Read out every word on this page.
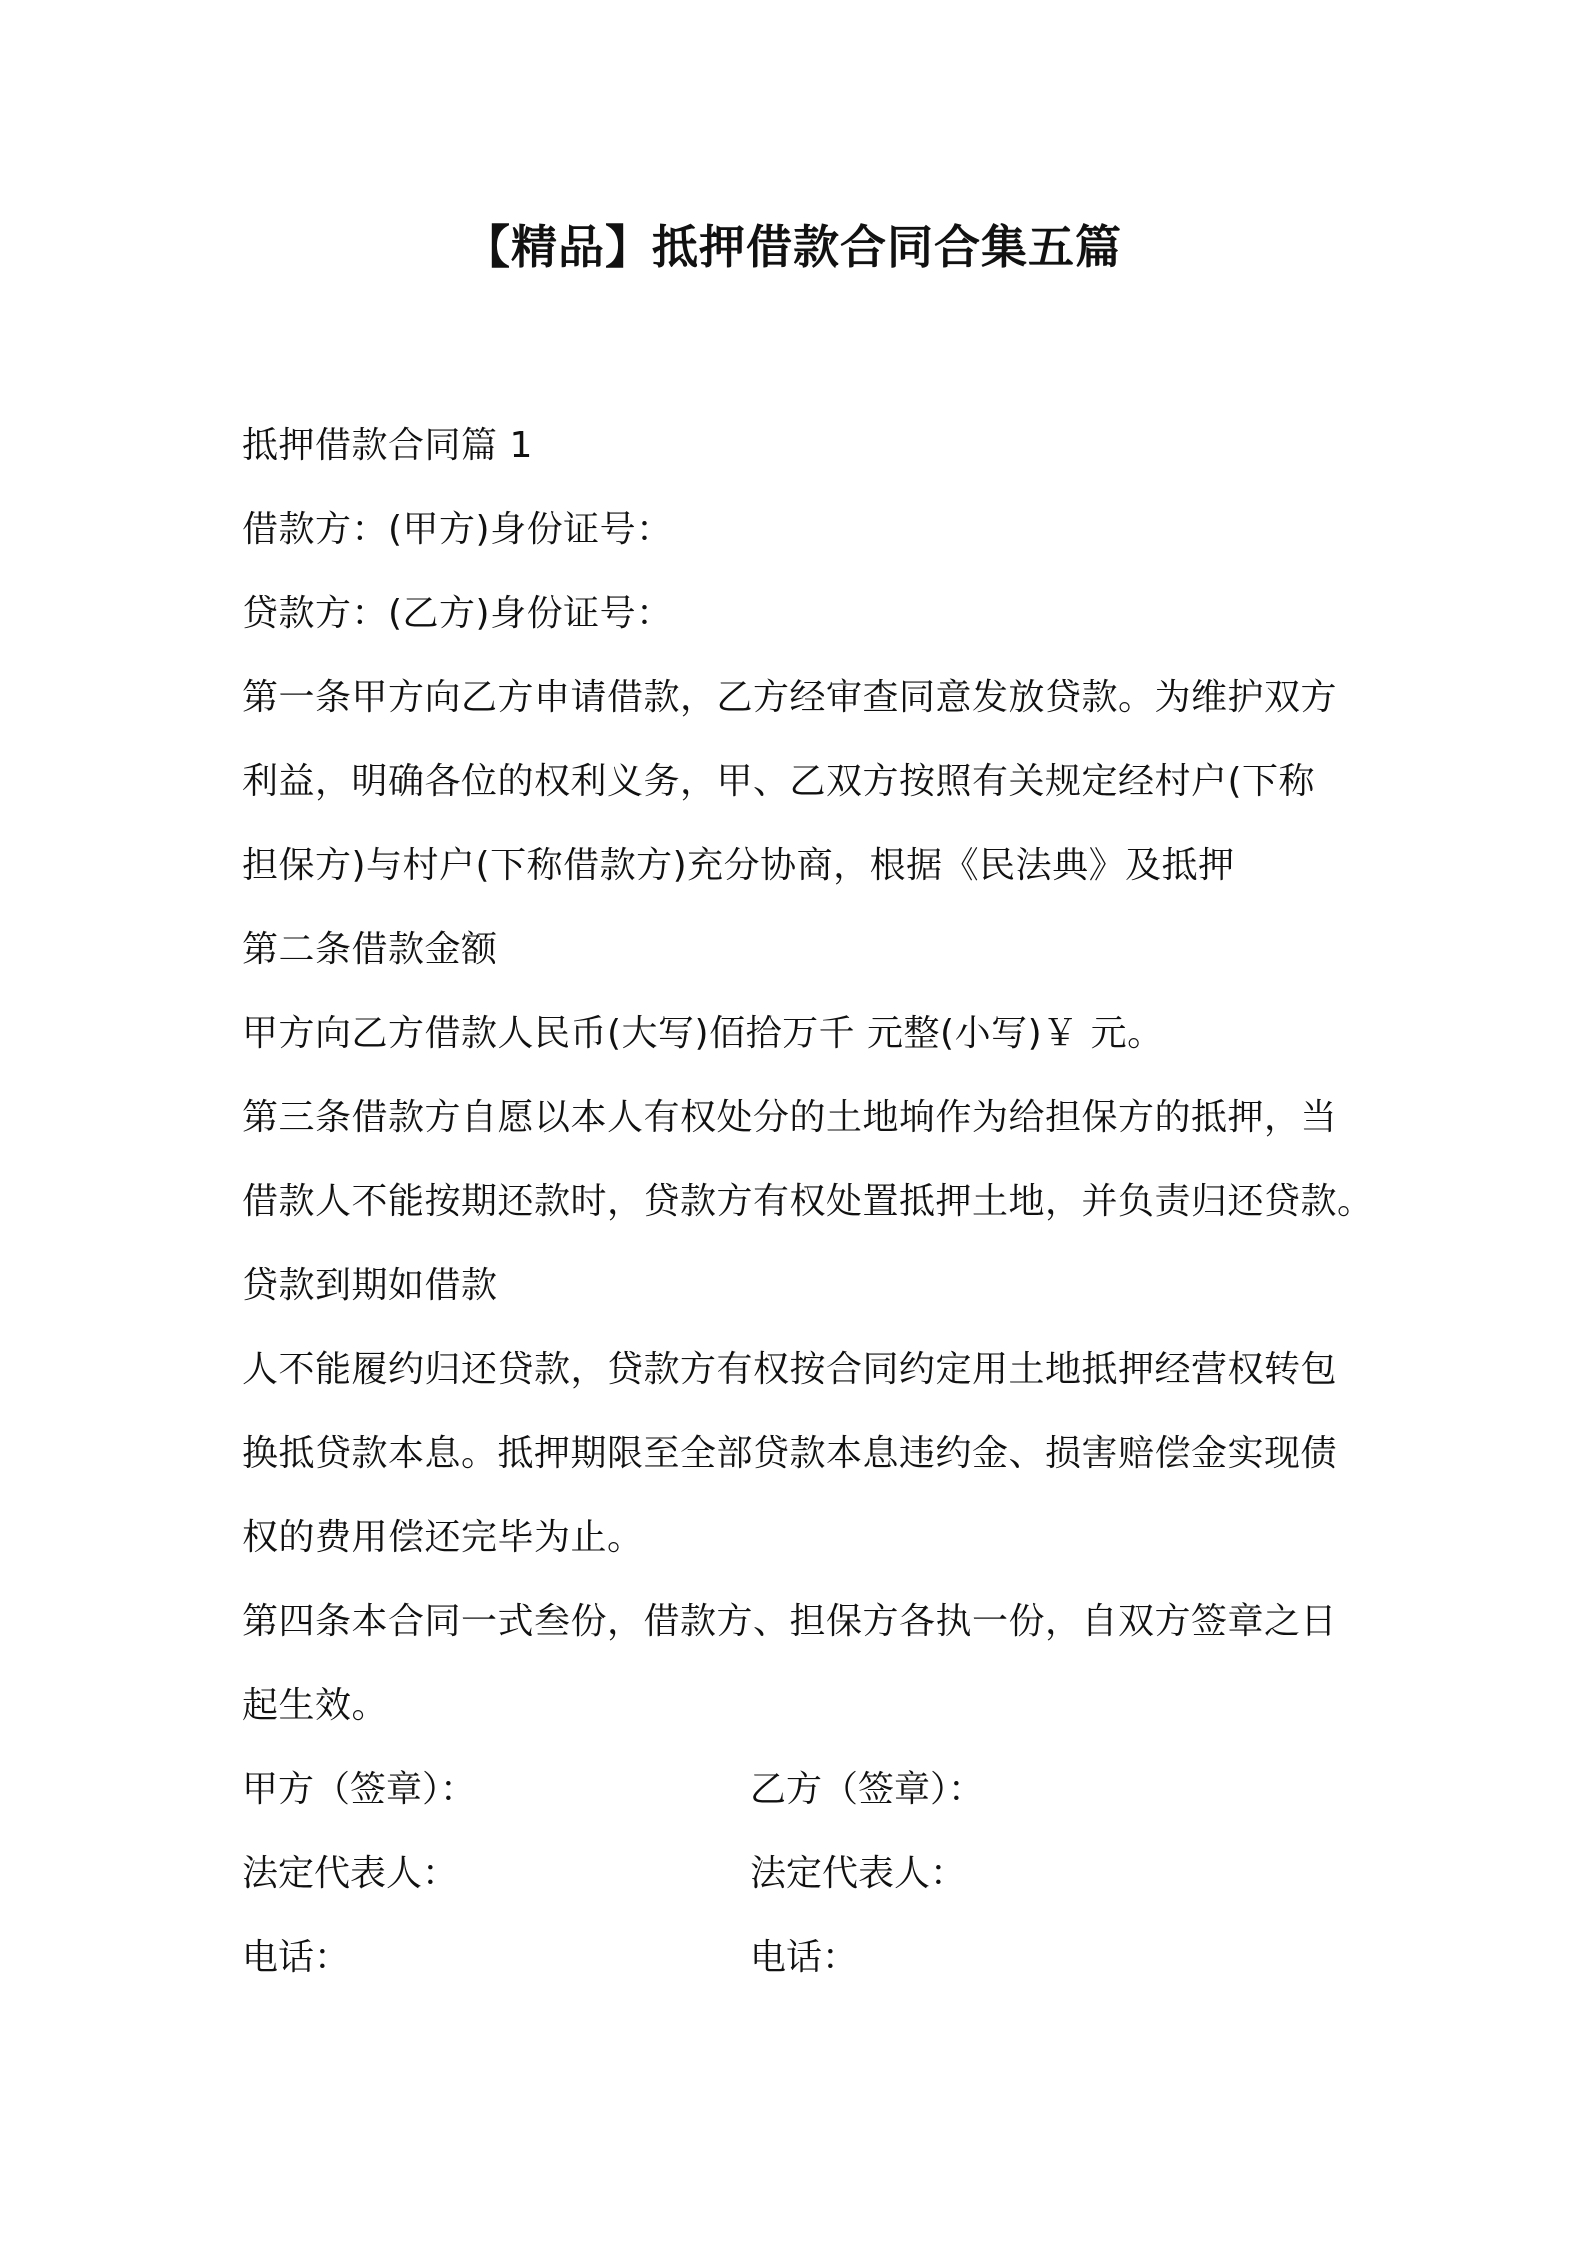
【精品】抵押借款合同合集五篇
抵押借款合同篇 1
借款方：(甲方)身份证号：
贷款方：(乙方)身份证号：
第一条甲方向乙方申请借款，乙方经审查同意发放贷款。为维护双方
利益，明确各位的权利义务，甲、乙双方按照有关规定经村户(下称
担保方)与村户(下称借款方)充分协商，根据《民法典》及抵押
第二条借款金额
甲方向乙方借款人民币(大写)佰拾万千 元整(小写)￥ 元。
第三条借款方自愿以本人有权处分的土地垧作为给担保方的抵押，当
借款人不能按期还款时，贷款方有权处置抵押土地，并负责归还贷款。
贷款到期如借款
人不能履约归还贷款，贷款方有权按合同约定用土地抵押经营权转包
换抵贷款本息。抵押期限至全部贷款本息违约金、损害赔偿金实现债
权的费用偿还完毕为止。
第四条本合同一式叁份，借款方、担保方各执一份，自双方签章之日
起生效。
甲方（签章）：	乙方（签章）：
法定代表人：	法定代表人：
电话：	电话：
